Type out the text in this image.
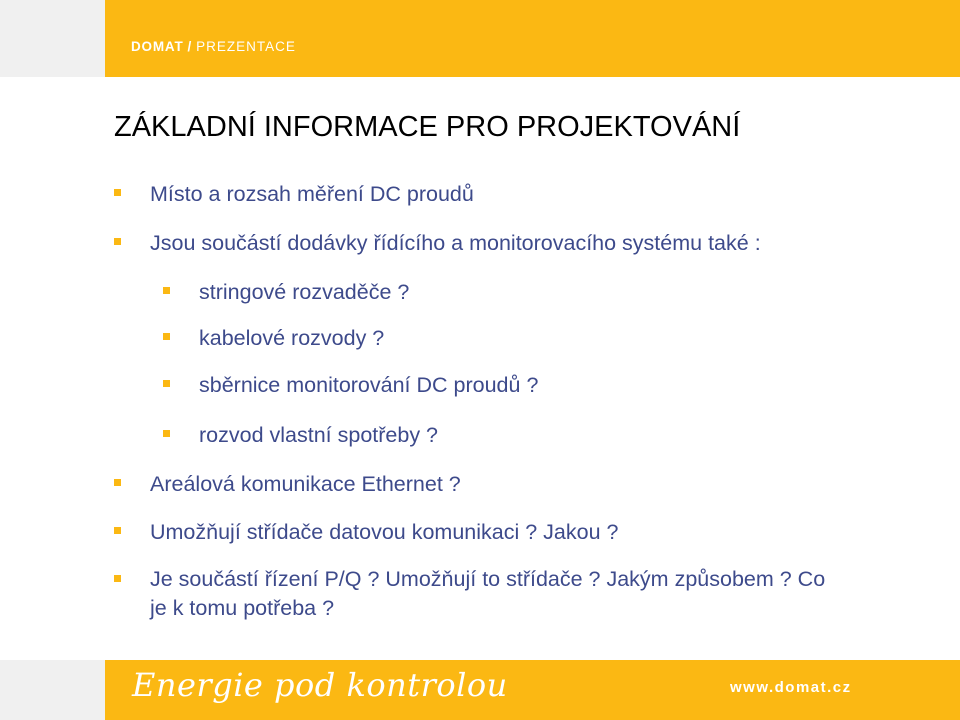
DOMAT / PREZENTACE
ZÁKLADNÍ INFORMACE PRO PROJEKTOVÁNÍ
Místo a rozsah měření DC proudů
Jsou součástí dodávky řídícího a monitorovacího systému také :
stringové rozvaděče ?
kabelové rozvody ?
sběrnice monitorování DC proudů ?
rozvod vlastní spotřeby ?
Areálová komunikace Ethernet ?
Umožňují střídače datovou komunikaci ? Jakou ?
Je součástí řízení P/Q ? Umožňují to střídače ? Jakým způsobem ? Co je k tomu potřeba ?
Energie pod kontrolou	www.domat.cz
